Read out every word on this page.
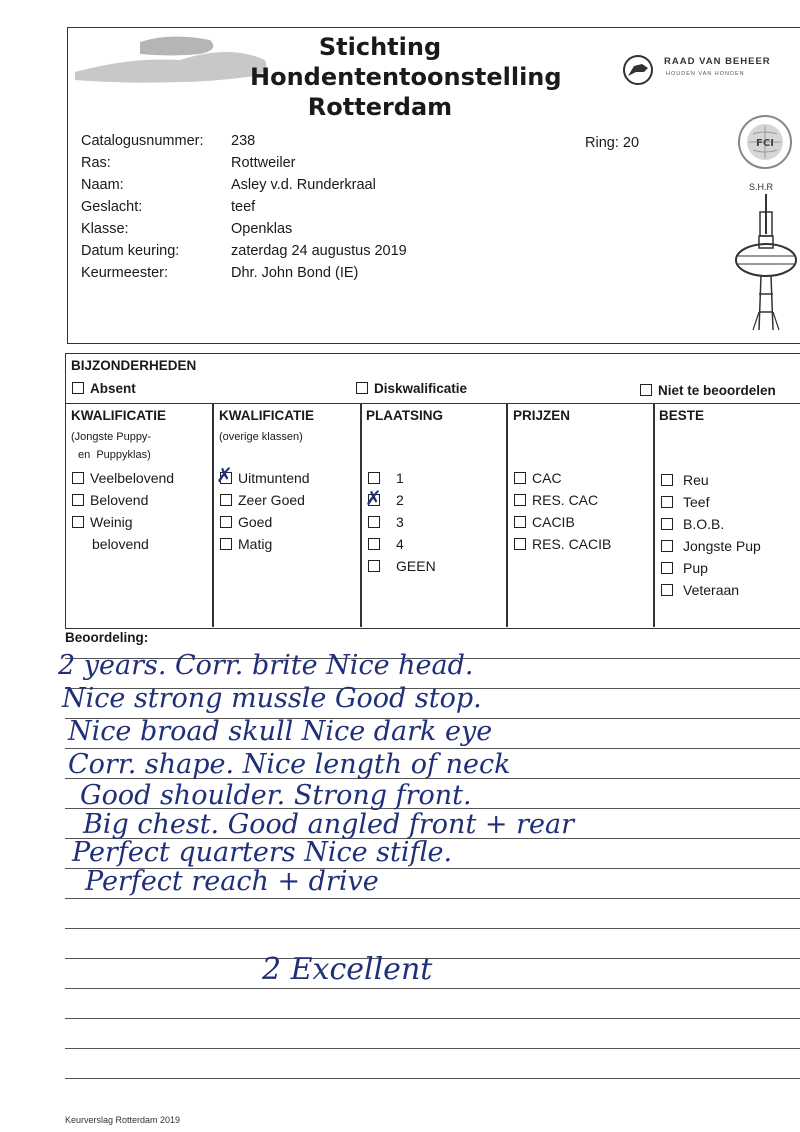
Stichting
Hondententoonstelling
Rotterdam
RAAD VAN BEHEER
HOUDEN VAN HONDEN
FCI
S.H.R
Catalogusnummer:
Ras:
Naam:
Geslacht:
Klasse:
Datum keuring:
Keurmeester:
238
Rottweiler
Asley v.d. Runderkraal
teef
Openklas
zaterdag 24 augustus 2019
Dhr. John Bond (IE)
Ring: 20
BIJZONDERHEDEN
Absent	Diskwalificatie	Niet te beoordelen
KWALIFICATIE
(Jongste Puppy-
en  Puppyklas)
Veelbelovend
Belovend
Weinig
belovend
KWALIFICATIE
(overige klassen)
Uitmuntend
Zeer Goed
Goed
Matig
✗
PLAATSING
1
2
3
4
GEEN
✗
PRIJZEN
CAC
RES. CAC
CACIB
RES. CACIB
BESTE
Reu
Teef
B.O.B.
Jongste Pup
Pup
Veteraan
Beoordeling:
2 years. Corr. brite Nice head.
Nice strong mussle Good stop.
Nice broad skull Nice dark eye
Corr. shape. Nice length of neck
Good shoulder. Strong front.
Big chest. Good angled front + rear
Perfect quarters Nice stifle.
Perfect reach + drive
2 Excellent
Keurverslag Rotterdam 2019
